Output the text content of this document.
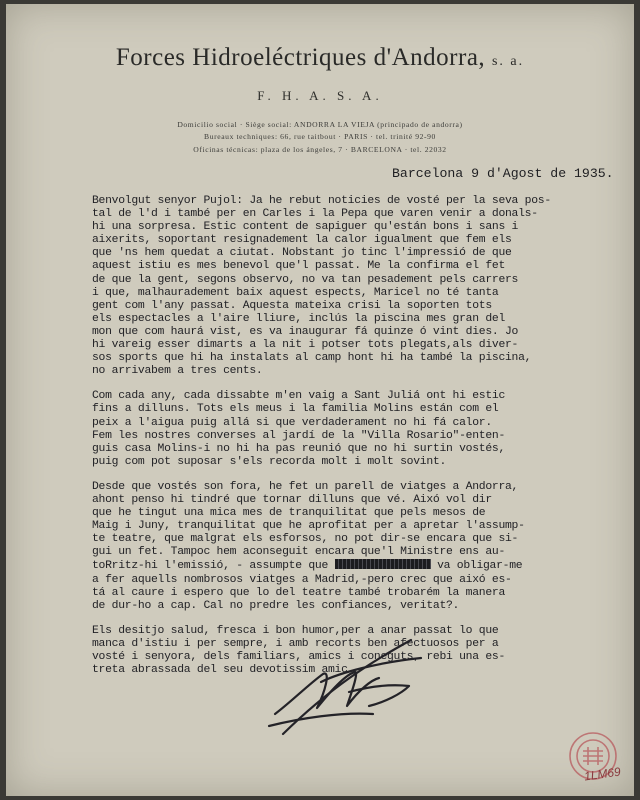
Forces Hidroeléctriques d'Andorra, s. a.
F. H. A. S. A.
Domicilio social · Siège social: ANDORRA LA VIEJA (principado de andorra)
Bureaux techniques: 66, rue taitbout · PARIS · tel. trinité 92-90
Oficinas técnicas: plaza de los ángeles, 7 · BARCELONA · tel. 22032
Barcelona 9 d'Agost de 1935.
Benvolgut senyor Pujol: Ja he rebut noticies de vosté per la seva pos-
tal de l'd i també per en Carles i la Pepa que varen venir a donals-
hi una sorpresa. Estic content de sapiguer qu'están bons i sans i
aixerits, soportant resignadement la calor igualment que fem els
que 'ns hem quedat a ciutat. Nobstant jo tinc l'impressió de que
aquest istiu es mes benevol que'l passat. Me la confirma el fet
de que la gent, segons observo, no va tan pesadement pels carrers
i que, malhauradement baix aquest espects, Maricel no té tanta
gent com l'any passat. Aquesta mateixa crisi la soporten tots
els espectacles a l'aire lliure, inclús la piscina mes gran del
mon que com haurá vist, es va inaugurar fá quinze ó vint dies. Jo
hi vareig esser dimarts a la nit i potser tots plegats,als diver-
sos sports que hi ha instalats al camp hont hi ha també la piscina,
no arrivabem a tres cents.
Com cada any, cada dissabte m'en vaig a Sant Juliá ont hi estic
fins a dilluns. Tots els meus i la familia Molins están com el
peix a l'aigua puig allá si que verdaderament no hi fá calor.
Fem les nostres converses al jardí de la "Villa Rosario"-enten-
guis casa Molins-i no hi ha pas reunió que no hi surtin vostés,
puig com pot suposar s'els recorda molt i molt sovint.
Desde que vostés son fora, he fet un parell de viatges a Andorra,
ahont penso hi tindré que tornar dilluns que vé. Aixó vol dir
que he tingut una mica mes de tranquilitat que pels mesos de
Maig i Juny, tranquilitat que he aprofitat per a apretar l'assump-
te teatre, que malgrat els esforsos, no pot dir-se encara que si-
gui un fet. Tampoc hem aconseguit encara que'l Ministre ens au-
toRritz-hi l'emissió, - assumpte que	va obligar-me
a fer aquells nombrosos viatges a Madrid,-pero crec que aixó es-
tá al caure i espero que lo del teatre també trobarém la manera
de dur-ho a cap. Cal no predre les confiances, veritat?.
Els desitjo salud, fresca i bon humor,per a anar passat lo que
manca d'istiu i per sempre, i amb recorts ben afectuosos per a
vosté i senyora, dels familiars, amics i coneguts, rebi una es-
treta abrassada del seu devotissim amic
1LM69
